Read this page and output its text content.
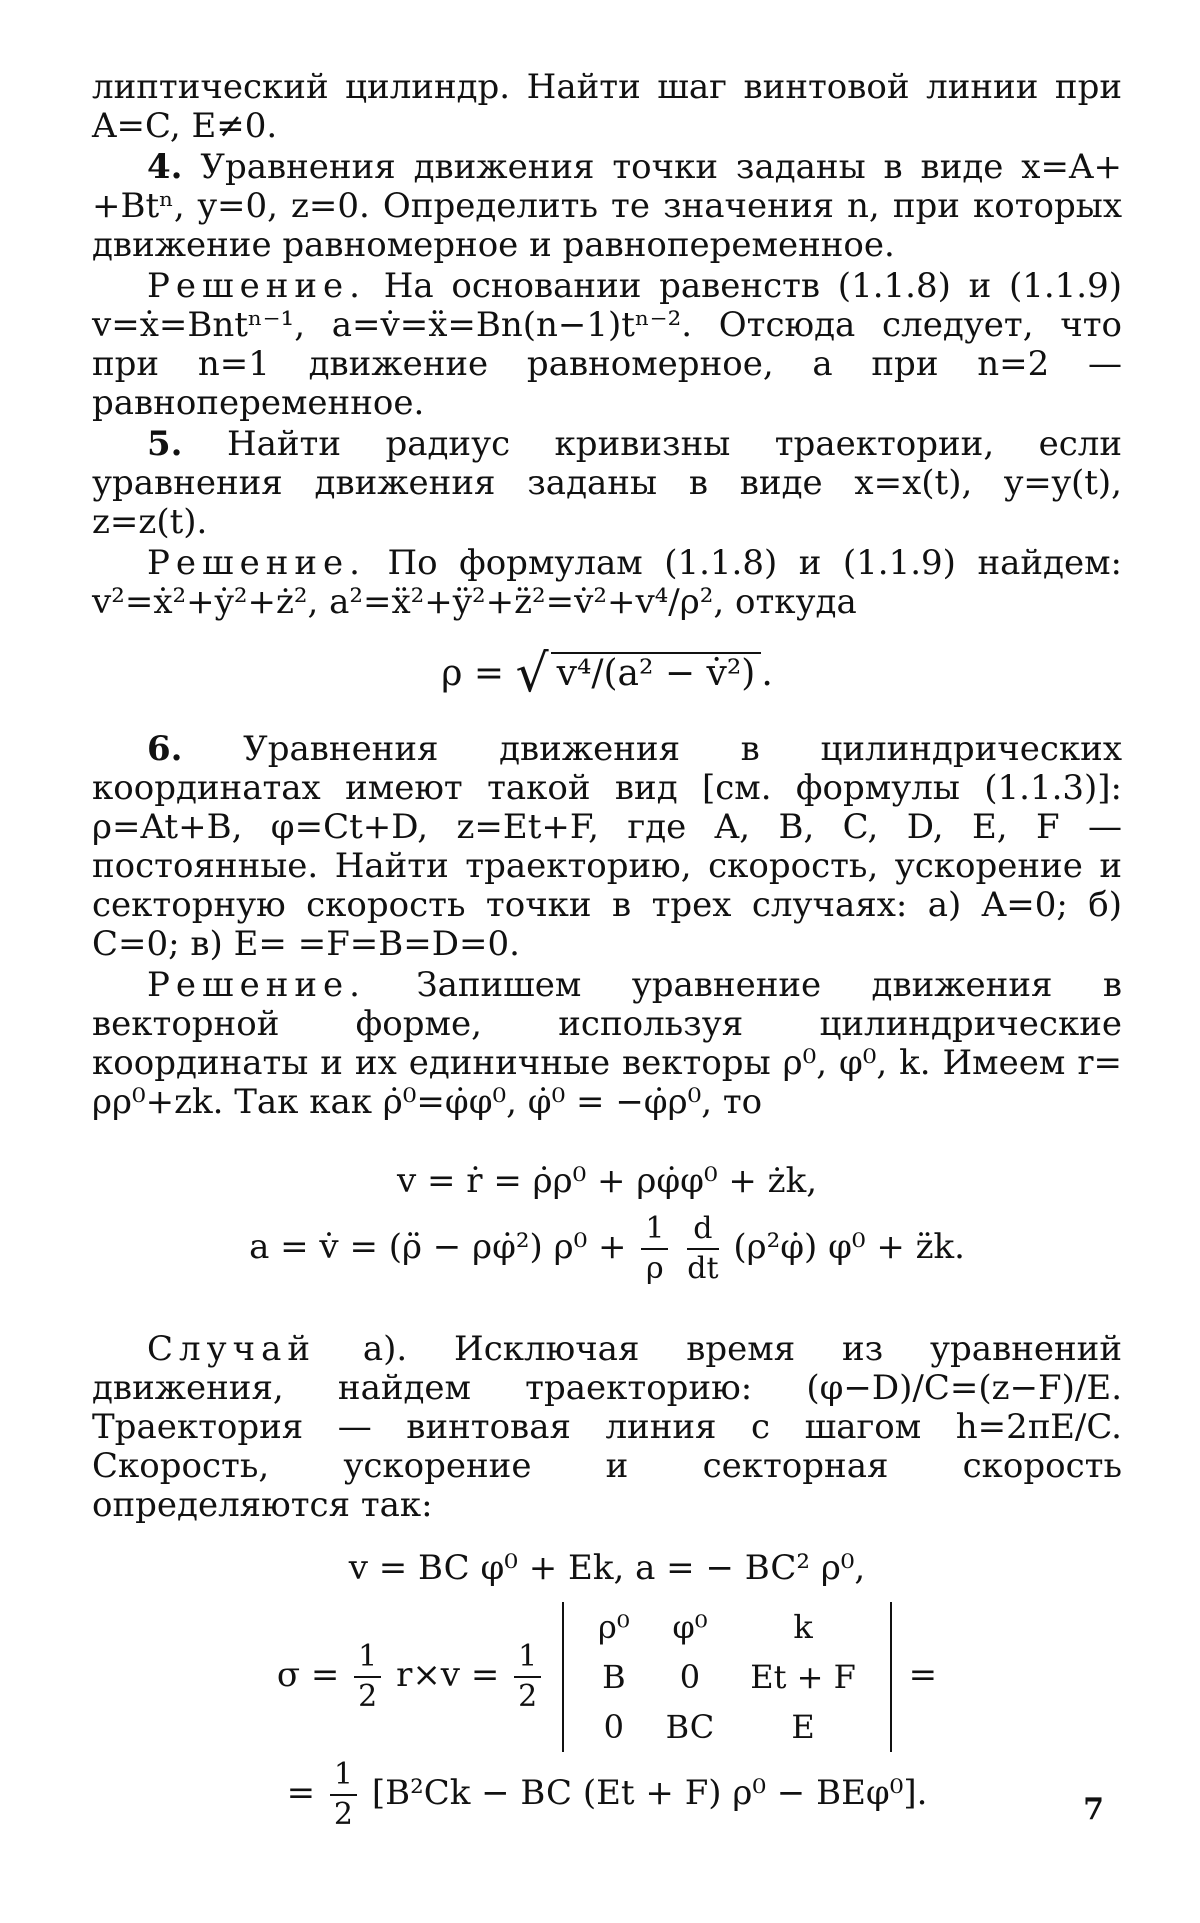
липтический цилиндр. Найти шаг винтовой линии при A=C, E≠0.

4. Уравнения движения точки заданы в виде x=A+ +Btⁿ, y=0, z=0. Определить те значения n, при которых движение равномерное и равнопеременное.

Решение. На основании равенств (1.1.8) и (1.1.9) v=ẋ=Bntⁿ⁻¹, a=v̇=ẍ=Bn(n−1)tⁿ⁻². Отсюда следует, что при n=1 движение равномерное, а при n=2 — равнопеременное.

5. Найти радиус кривизны траектории, если уравнения движения заданы в виде x=x(t), y=y(t), z=z(t).

Решение. По формулам (1.1.8) и (1.1.9) найдем: v²=ẋ²+ẏ²+ż², a²=ẍ²+ÿ²+z̈²=v̇²+v⁴/ρ², откуда

ρ = √ v⁴/(a² − v̇²) .

6. Уравнения движения в цилиндрических координатах имеют такой вид [см. формулы (1.1.3)]: ρ=At+B, φ=Ct+D, z=Et+F, где A, B, C, D, E, F — постоянные. Найти траекторию, скорость, ускорение и секторную скорость точки в трех случаях: а) A=0; б) C=0; в) E= =F=B=D=0.

Решение. Запишем уравнение движения в векторной форме, используя цилиндрические координаты и их единичные векторы ρ⁰, φ⁰, k. Имеем r= ρρ⁰+zk. Так как ρ̇⁰=φ̇φ⁰, φ̇⁰ = −φ̇ρ⁰, то

v = ṙ = ρ̇ρ⁰ + ρφ̇φ⁰ + żk,
a = v̇ = (ρ̈ − ρφ̇²) $\rho^0 + \frac{1}{\rho}$
$\frac{d}{dt}$ (ρ²φ̇) φ⁰ + z̈k.

Случай а). Исключая время из уравнений движения, найдем траекторию: (φ−D)/C=(z−F)/E. Траектория — винтовая линия с шагом h=2πE/C. Скорость, ускорение и секторная скорость определяются так:

v = BC φ⁰ + Ek, a = − BC² ρ⁰,

$\sigma = \frac{1}{2} r\times v = \frac{1}{2}$

ρ⁰	φ⁰	k
B	0	Et + F
0	BC	E
=

= $\frac{1}{2} [B^2Ck$ − BC (Et + F) ρ⁰ − BEφ⁰].	7
